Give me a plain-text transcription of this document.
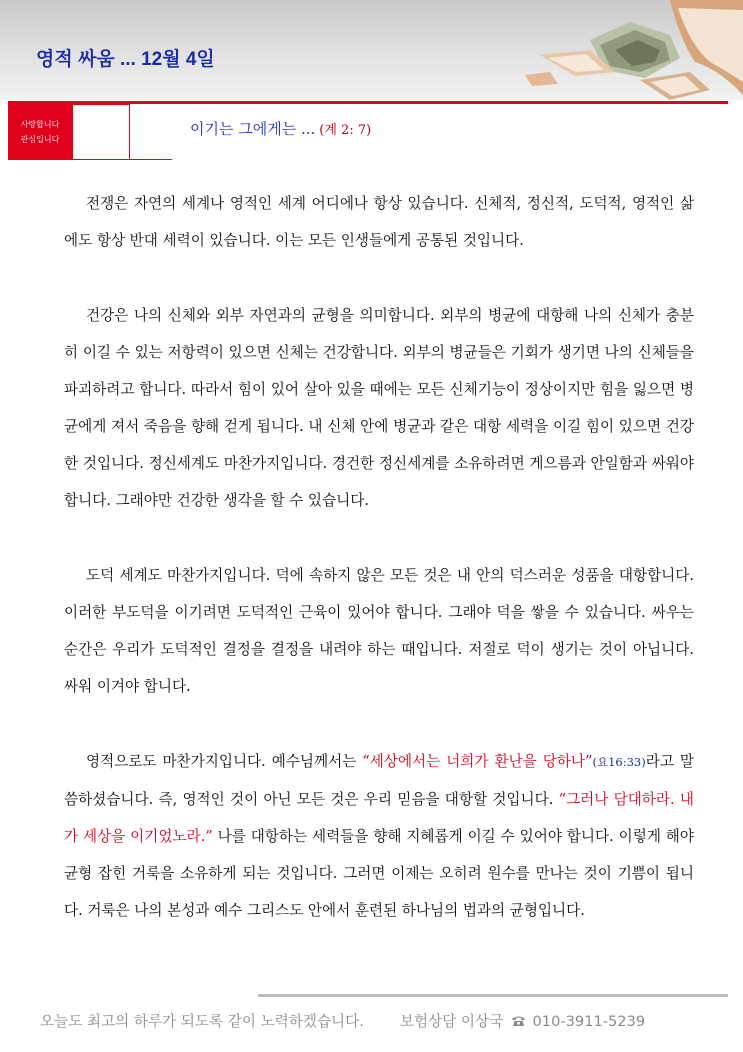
영적 싸움 ... 12월 4일
사랑합니다
관심입니다
이기는 그에게는 ... (계 2: 7)

전쟁은 자연의 세계나 영적인 세계 어디에나 항상 있습니다. 신체적, 정신적, 도덕적, 영적인 삶에도 항상 반대 세력이 있습니다. 이는 모든 인생들에게 공통된 것입니다.

건강은 나의 신체와 외부 자연과의 균형을 의미합니다. 외부의 병균에 대항해 나의 신체가 충분히 이길 수 있는 저항력이 있으면 신체는 건강합니다. 외부의 병균들은 기회가 생기면 나의 신체들을 파괴하려고 합니다. 따라서 힘이 있어 살아 있을 때에는 모든 신체기능이 정상이지만 힘을 잃으면 병균에게 져서 죽음을 향해 걷게 됩니다. 내 신체 안에 병균과 같은 대항 세력을 이길 힘이 있으면 건강한 것입니다. 정신세계도 마찬가지입니다. 경건한 정신세계를 소유하려면 게으름과 안일함과 싸워야 합니다. 그래야만 건강한 생각을 할 수 있습니다.

도덕 세계도 마찬가지입니다. 덕에 속하지 않은 모든 것은 내 안의 덕스러운 성품을 대항합니다. 이러한 부도덕을 이기려면 도덕적인 근육이 있어야 합니다. 그래야 덕을 쌓을 수 있습니다. 싸우는 순간은 우리가 도덕적인 결정을 결정을 내려야 하는 때입니다. 저절로 덕이 생기는 것이 아닙니다. 싸워 이겨야 합니다.

영적으로도 마찬가지입니다. 예수님께서는 “세상에서는 너희가 환난을 당하나”(요16:33)라고 말씀하셨습니다. 즉, 영적인 것이 아닌 모든 것은 우리 믿음을 대항할 것입니다. “그러나 담대하라. 내가 세상을 이기었노라.” 나를 대항하는 세력들을 향해 지혜롭게 이길 수 있어야 합니다. 이렇게 해야 균형 잡힌 거룩을 소유하게 되는 것입니다. 그러면 이제는 오히려 원수를 만나는 것이 기쁨이 됩니다. 거룩은 나의 본성과 예수 그리스도 안에서 훈련된 하나님의 법과의 균형입니다.

오늘도 최고의 하루가 되도록 같이 노력하겠습니다. 보험상담 이상국 010-3911-5239
